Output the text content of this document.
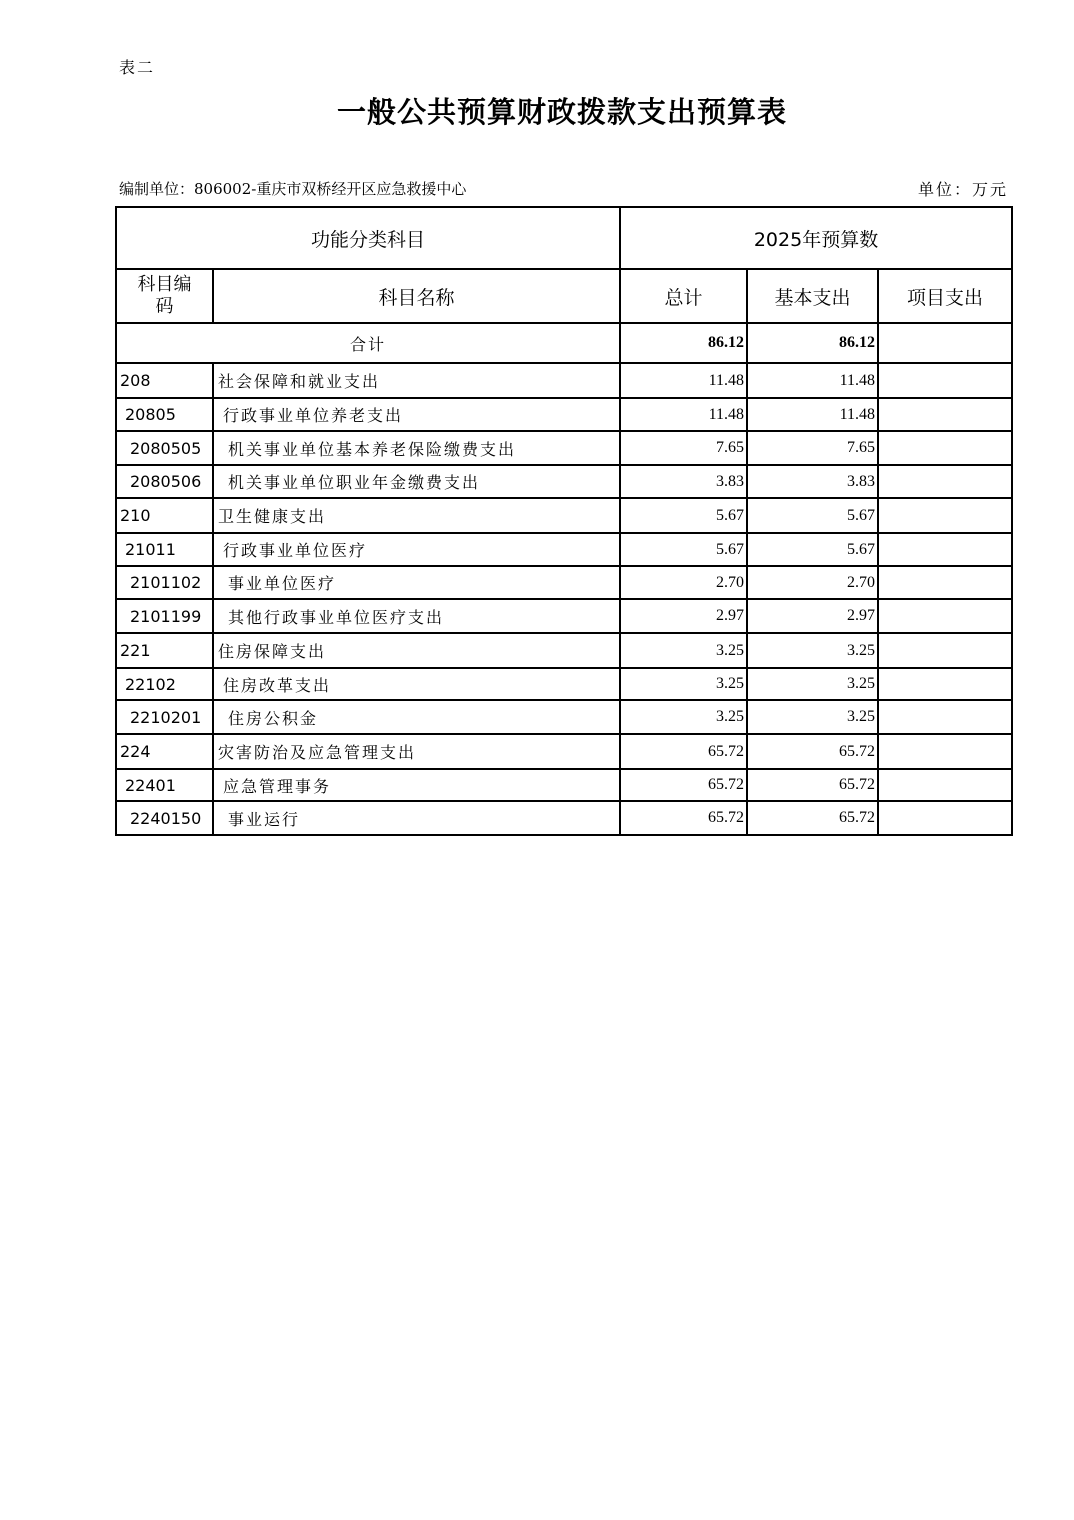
表二
一般公共预算财政拨款支出预算表
编制单位：806002-重庆市双桥经开区应急救援中心	单位：万元
功能分类科目		2025年预算数		

科目编
码	科目名称	总计	基本支出	项目支出
合计		86.12	86.12	
208	社会保障和就业支出	11.48	11.48	
20805	行政事业单位养老支出	11.48	11.48	
2080505	机关事业单位基本养老保险缴费支出	7.65	7.65	
2080506	机关事业单位职业年金缴费支出	3.83	3.83	
210	卫生健康支出	5.67	5.67	
21011	行政事业单位医疗	5.67	5.67	
2101102	事业单位医疗	2.70	2.70	
2101199	其他行政事业单位医疗支出	2.97	2.97	
221	住房保障支出	3.25	3.25	
22102	住房改革支出	3.25	3.25	
2210201	住房公积金	3.25	3.25	
224	灾害防治及应急管理支出	65.72	65.72	
22401	应急管理事务	65.72	65.72	
2240150	事业运行	65.72	65.72	
